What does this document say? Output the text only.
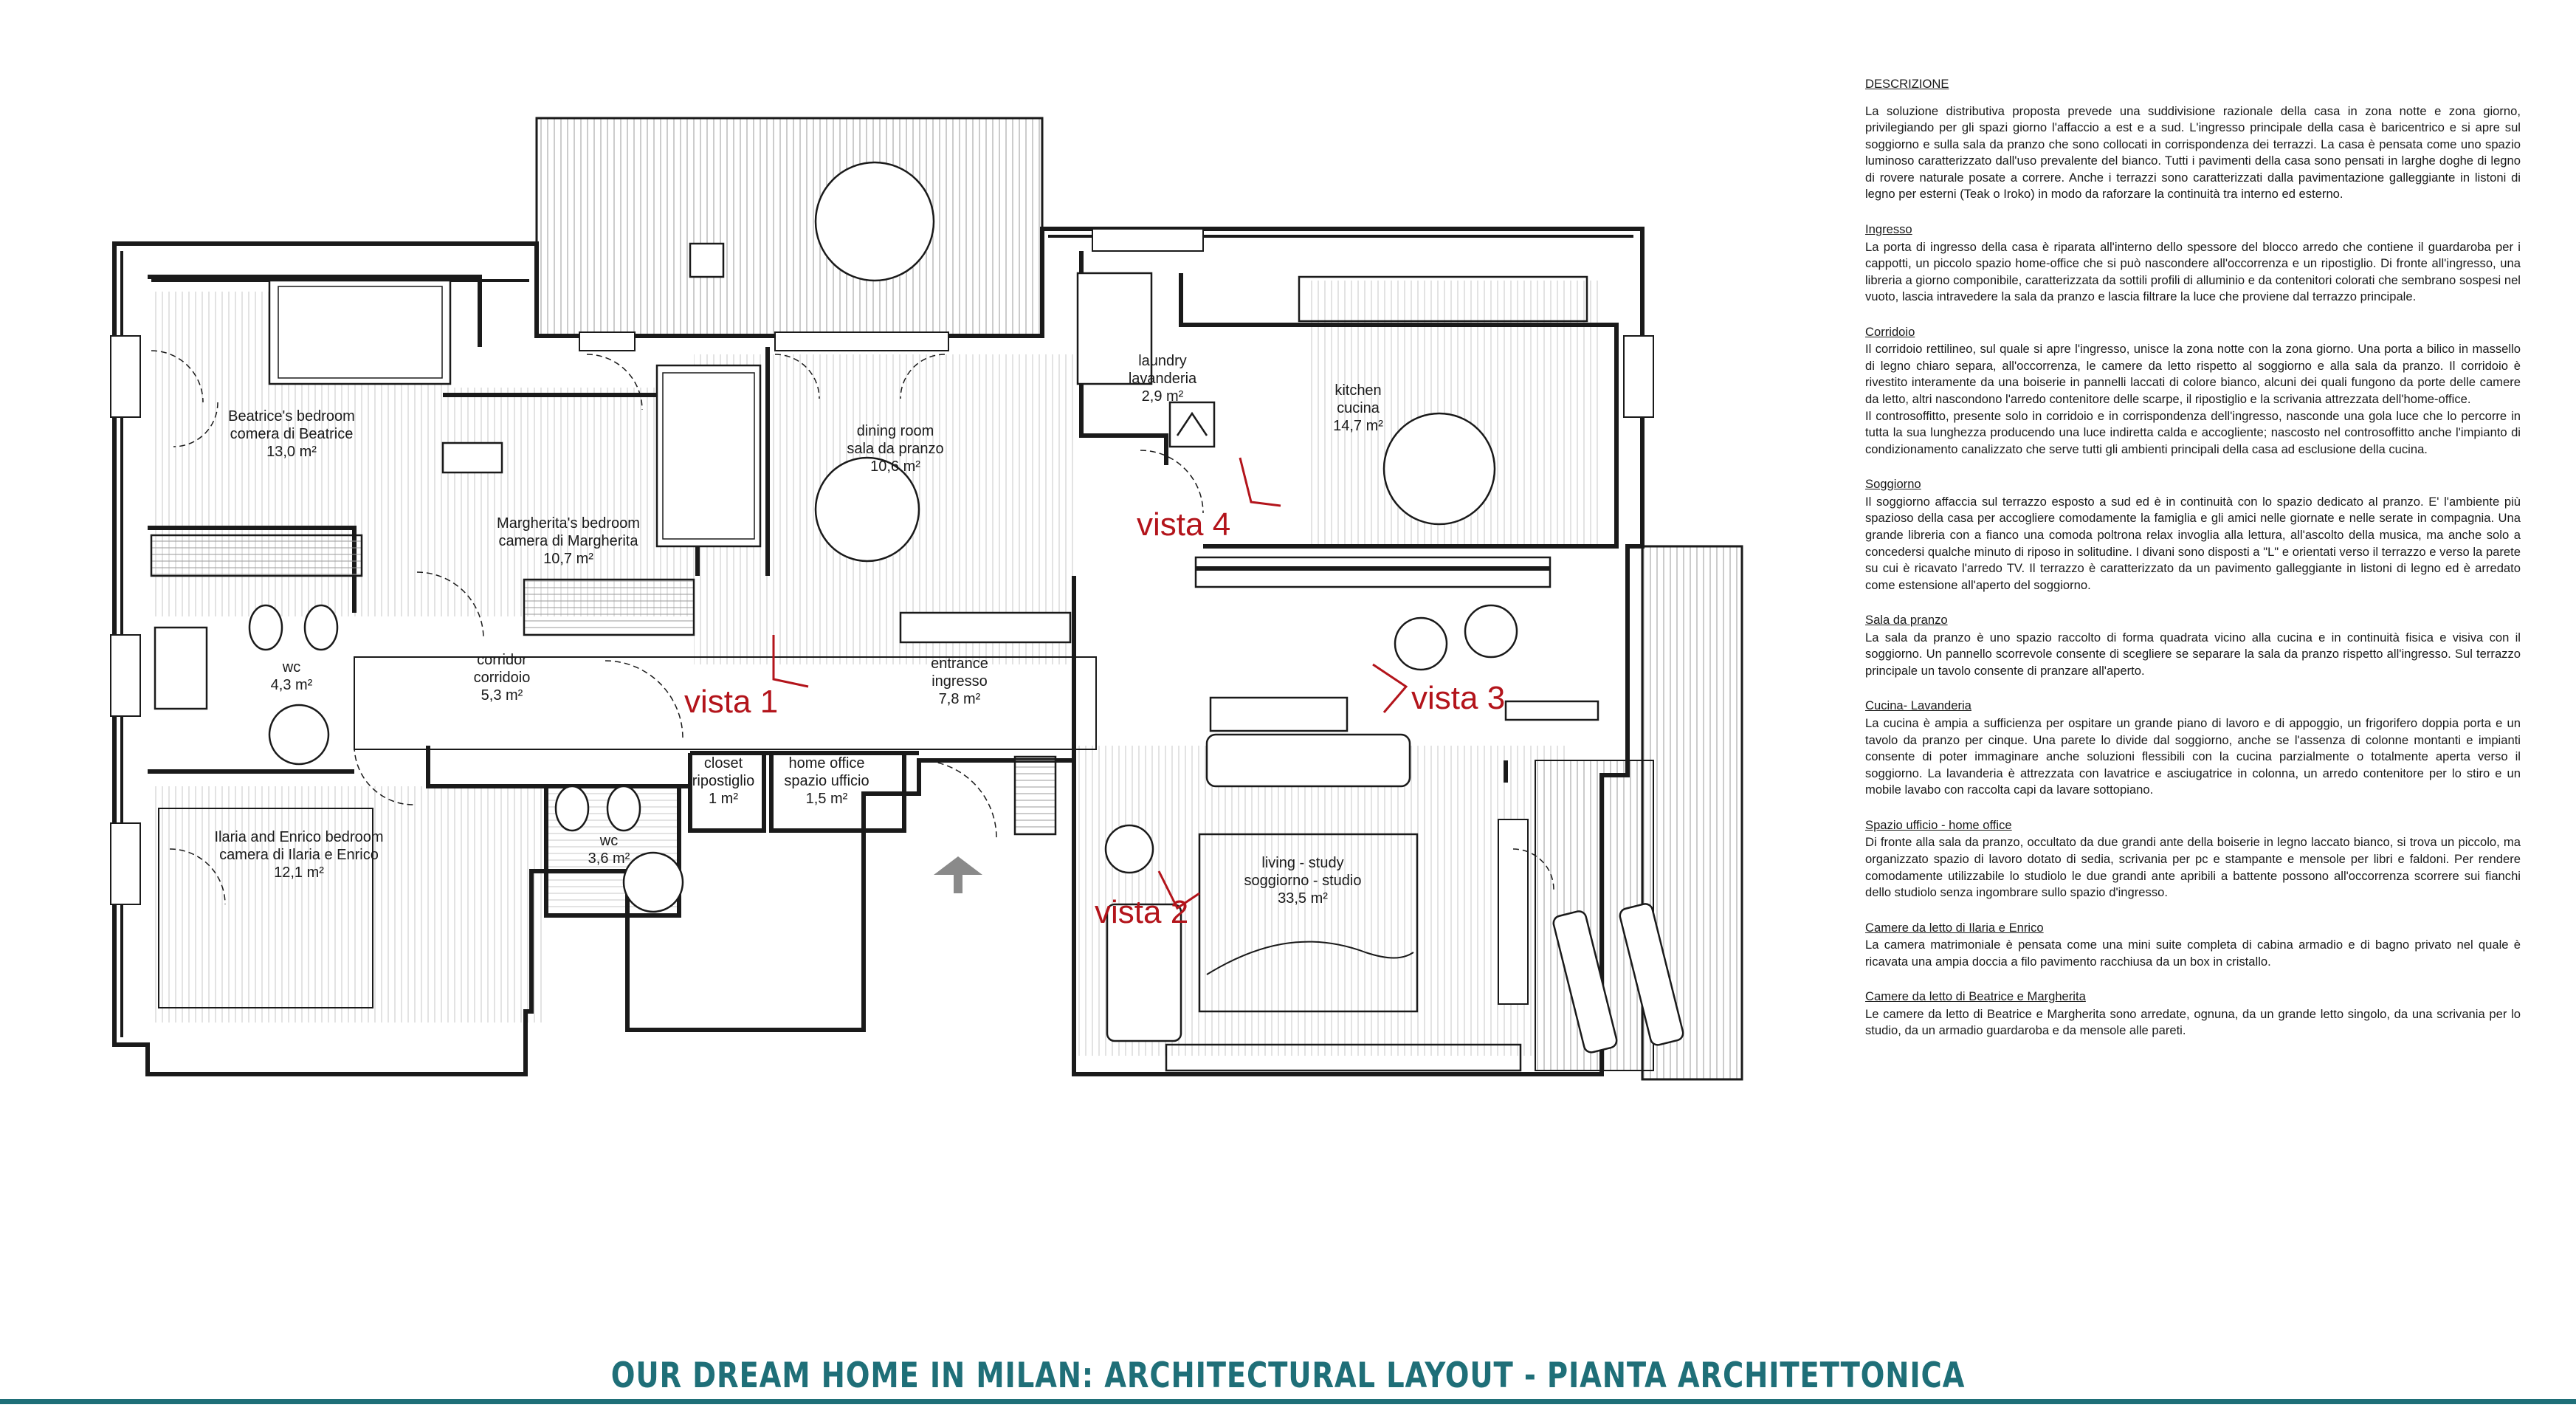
Beatrice's bedroom comera di Beatrice 13,0 m²
Margherita's bedroom camera di Margherita 10,7 m²
dining room sala da pranzo 10,6 m²
laundry lavanderia 2,9 m²	kitchen cucina 14,7 m²
wc 4,3 m²
corridor corridoio 5,3 m²
entrance ingresso 7,8 m²
closet ripostiglio 1 m²
home office spazio ufficio 1,5 m²
Ilaria and Enrico bedroom camera di Ilaria e Enrico 12,1 m²
wc 3,6 m²	living - study soggiorno - studio 33,5 m²
vista 1
vista 4
vista 3
vista 2
DESCRIZIONE

La soluzione distributiva proposta prevede una suddivisione razionale della casa in zona notte e zona giorno, privilegiando per gli spazi giorno l'affaccio a est e a sud. L'ingresso principale della casa è baricentrico e si apre sul soggiorno e sulla sala da pranzo che sono collocati in corrispondenza dei terrazzi. La casa è pensata come uno spazio luminoso caratterizzato dall'uso prevalente del bianco. Tutti i pavimenti della casa sono pensati in larghe doghe di legno di rovere naturale posate a correre. Anche i terrazzi sono caratterizzati dalla pavimentazione galleggiante in listoni di legno per esterni (Teak o Iroko) in modo da raforzare la continuità tra interno ed esterno.

Ingresso

La porta di ingresso della casa è riparata all'interno dello spessore del blocco arredo che contiene il guardaroba per i cappotti, un piccolo spazio home-office che si può nascondere all'occorrenza e un ripostiglio. Di fronte all'ingresso, una libreria a giorno componibile, caratterizzata da sottili profili di alluminio e da contenitori colorati che sembrano sospesi nel vuoto, lascia intravedere la sala da pranzo e lascia filtrare la luce che proviene dal terrazzo principale.

Corridoio

Il corridoio rettilineo, sul quale si apre l'ingresso, unisce la zona notte con la zona giorno. Una porta a bilico in massello di legno chiaro separa, all'occorrenza, le camere da letto rispetto al soggiorno e alla sala da pranzo. Il corridoio è rivestito interamente da una boiserie in pannelli laccati di colore bianco, alcuni dei quali fungono da porte delle camere da letto, altri nascondono l'arredo contenitore delle scarpe, il ripostiglio e la scrivania attrezzata dell'home-office.
Il controsoffitto, presente solo in corridoio e in corrispondenza dell'ingresso, nasconde una gola luce che lo percorre in tutta la sua lunghezza producendo una luce indiretta calda e accogliente; nascosto nel controsoffitto anche l'impianto di condizionamento canalizzato che serve tutti gli ambienti principali della casa ad esclusione della cucina.

Soggiorno

Il soggiorno affaccia sul terrazzo esposto a sud ed è in continuità con lo spazio dedicato al pranzo. E' l'ambiente più spazioso della casa per accogliere comodamente la famiglia e gli amici nelle giornate e nelle serate in compagnia. Una grande libreria con a fianco una comoda poltrona relax invoglia alla lettura, all'ascolto della musica, ma anche solo a concedersi qualche minuto di riposo in solitudine. I divani sono disposti a "L" e orientati verso il terrazzo e verso la parete su cui è ricavato l'arredo TV. Il terrazzo è caratterizzato da un pavimento galleggiante in listoni di legno ed è arredato come estensione all'aperto del soggiorno.

Sala da pranzo

La sala da pranzo è uno spazio raccolto di forma quadrata vicino alla cucina e in continuità fisica e visiva con il soggiorno. Un pannello scorrevole consente di scegliere se separare la sala da pranzo rispetto all'ingresso. Sul terrazzo principale un tavolo consente di pranzare all'aperto.

Cucina- Lavanderia

La cucina è ampia a sufficienza per ospitare un grande piano di lavoro e di appoggio, un frigorifero doppia porta e un tavolo da pranzo per cinque. Una parete lo divide dal soggiorno, anche se l'assenza di colonne montanti e impianti consente di poter immaginare anche soluzioni flessibili con la cucina parzialmente o totalmente aperta verso il soggiorno. La lavanderia è attrezzata con lavatrice e asciugatrice in colonna, un arredo contenitore per lo stiro e un mobile lavabo con raccolta capi da lavare sottopiano.

Spazio ufficio - home office

Di fronte alla sala da pranzo, occultato da due grandi ante della boiserie in legno laccato bianco, si trova un piccolo, ma organizzato spazio di lavoro dotato di sedia, scrivania per pc e stampante e mensole per libri e faldoni. Per rendere comodamente utilizzabile lo studiolo le due grandi ante apribili a battente possono all'occorrenza scorrere sui fianchi dello studiolo senza ingombrare sullo spazio d'ingresso.

Camere da letto di Ilaria e Enrico

La camera matrimoniale è pensata come una mini suite completa di cabina armadio e di bagno privato nel quale è ricavata una ampia doccia a filo pavimento racchiusa da un box in cristallo.

Camere da letto di Beatrice e Margherita

Le camere da letto di Beatrice e Margherita sono arredate, ognuna, da un grande letto singolo, da una scrivania per lo studio, da un armadio guardaroba e da mensole alle pareti.

OUR DREAM HOME IN MILAN: ARCHITECTURAL LAYOUT - PIANTA ARCHITETTONICA
